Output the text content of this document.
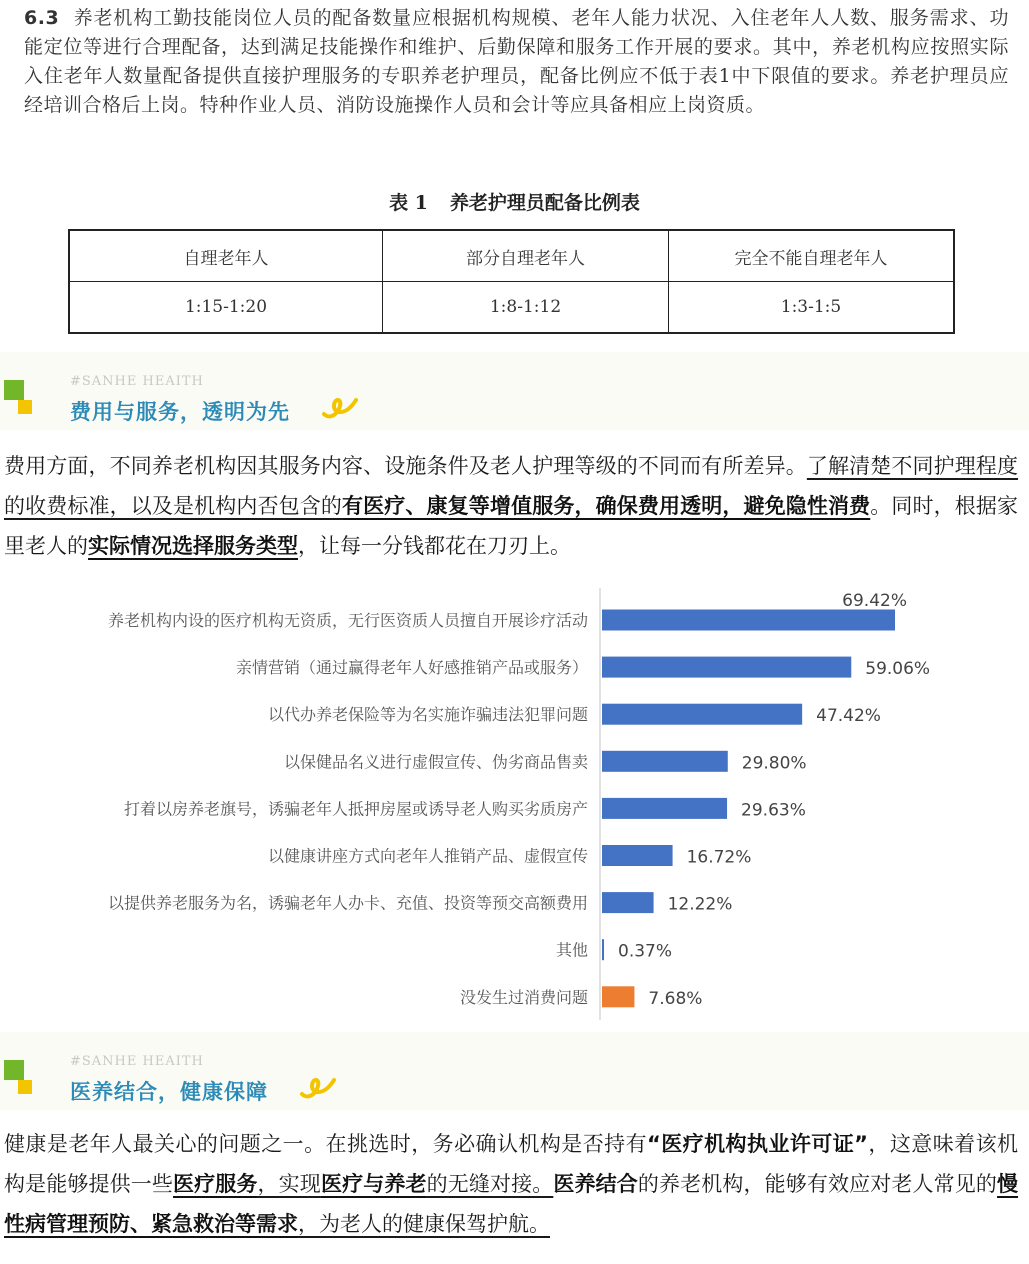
6.3 养老机构工勤技能岗位人员的配备数量应根据机构规模、老年人能力状况、入住老年人人数、服务需求、功能定位等进行合理配备，达到满足技能操作和维护、后勤保障和服务工作开展的要求。其中，养老机构应按照实际入住老年人数量配备提供直接护理服务的专职养老护理员，配备比例应不低于表1中下限值的要求。养老护理员应经培训合格后上岗。特种作业人员、消防设施操作人员和会计等应具备相应上岗资质。
表 1 养老护理员配备比例表
自理老年人	部分自理老年人	完全不能自理老年人
1:15-1:20	1:8-1:12	1:3-1:5
#SANHE HEAITH
费用与服务，透明为先
费用方面，不同养老机构因其服务内容、设施条件及老人护理等级的不同而有所差异。了解清楚不同护理程度的收费标准，以及是机构内否包含的有医疗、康复等增值服务，确保费用透明，避免隐性消费。同时，根据家里老人的实际情况选择服务类型，让每一分钱都花在刀刃上。
养老机构内设的医疗机构无资质，无行医资质人员擅自开展诊疗活动
69.42%
亲情营销（通过赢得老年人好感推销产品或服务）	59.06%
以代办养老保险等为名实施诈骗违法犯罪问题	47.42%
以保健品名义进行虚假宣传、伪劣商品售卖	29.80%
打着以房养老旗号，诱骗老年人抵押房屋或诱导老人购买劣质房产	29.63%
以健康讲座方式向老年人推销产品、虚假宣传	16.72%
以提供养老服务为名，诱骗老年人办卡、充值、投资等预交高额费用	12.22%
其他 0.37%
没发生过消费问题	7.68%
#SANHE HEAITH
医养结合，健康保障
健康是老年人最关心的问题之一。在挑选时，务必确认机构是否持有“医疗机构执业许可证”，这意味着该机构是能够提供一些医疗服务，实现医疗与养老的无缝对接。医养结合的养老机构，能够有效应对老人常见的慢性病管理预防、紧急救治等需求，为老人的健康保驾护航。
